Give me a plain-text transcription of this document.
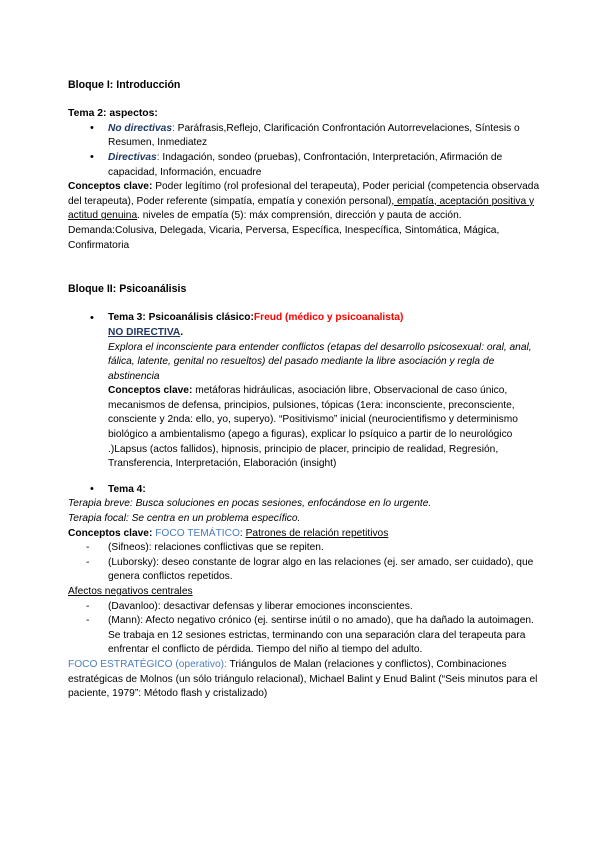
Bloque I: Introducción
Tema 2: aspectos:
• No directivas: Paráfrasis,Reflejo, Clarificación Confrontación Autorrevelaciones, Síntesis o Resumen, Inmediatez
• Directivas: Indagación, sondeo (pruebas), Confrontación, Interpretación, Afirmación de capacidad, Información, encuadre

Conceptos clave: Poder legítimo (rol profesional del terapeuta), Poder pericial (competencia observada del terapeuta), Poder referente (simpatía, empatía y conexión personal), empatía, aceptación positiva y actitud genuina. niveles de empatía (5): máx comprensión, dirección y pauta de acción.

Demanda:Colusiva, Delegada, Vicaria, Perversa, Específica, Inespecífica, Sintomática, Mágica, Confirmatoria

Bloque II: Psicoanálisis
• Tema 3: Psicoanálisis clásico:Freud (médico y psicoanalista)
NO DIRECTIVA.
Explora el inconsciente para entender conflictos (etapas del desarrollo psicosexual: oral, anal, fálica, latente, genital no resueltos) del pasado mediante la libre asociación y regla de abstinencia
Conceptos clave: metáforas hidráulicas, asociación libre, Observacional de caso único, mecanismos de defensa, principios, pulsiones, tópicas (1era: inconsciente, preconsciente, consciente y 2nda: ello, yo, superyo). “Positivismo” inicial (neurocientifismo y determinismo biológico a ambientalismo (apego a figuras), explicar lo psíquico a partir de lo neurológico .)Lapsus (actos fallidos), hipnosis, principio de placer, principio de realidad, Regresión, Transferencia, Interpretación, Elaboración (insight)
• Tema 4:

Terapia breve: Busca soluciones en pocas sesiones, enfocándose en lo urgente.

Terapia focal: Se centra en un problema específico.

Conceptos clave: FOCO TEMÁTICO: Patrones de relación repetitivos

- (Sifneos): relaciones conflictivas que se repiten.
- (Luborsky): deseo constante de lograr algo en las relaciones (ej. ser amado, ser cuidado), que genera conflictos repetidos.

Afectos negativos centrales

- (Davanloo): desactivar defensas y liberar emociones inconscientes.
- (Mann): Afecto negativo crónico (ej. sentirse inútil o no amado), que ha dañado la autoimagen. Se trabaja en 12 sesiones estrictas, terminando con una separación clara del terapeuta para enfrentar el conflicto de pérdida. Tiempo del niño al tiempo del adulto.

FOCO ESTRATÉGICO (operativo): Triángulos de Malan (relaciones y conflictos), Combinaciones estratégicas de Molnos (un sólo triángulo relacional), Michael Balint y Enud Balint (“Seis minutos para el paciente, 1979”: Método flash y cristalizado)
